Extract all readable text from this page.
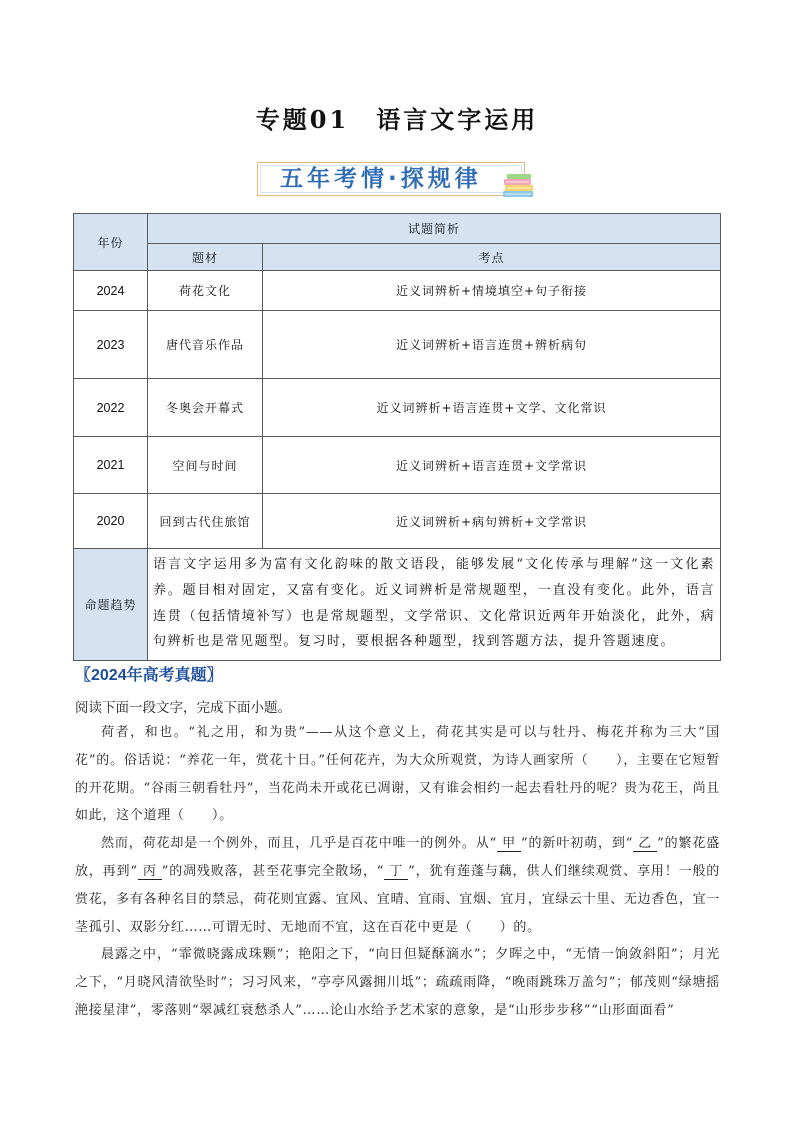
专题01　语言文字运用
五年考情·探规律
年份	试题简析	
	题材	考点
2024	荷花文化	近义词辨析+情境填空+句子衔接
2023	唐代音乐作品	近义词辨析+语言连贯+辨析病句
2022	冬奥会开幕式	近义词辨析+语言连贯+文学、文化常识
2021	空间与时间	近义词辨析+语言连贯+文学常识
2020	回到古代住旅馆	近义词辨析+病句辨析+文学常识
命题趋势	语言文字运用多为富有文化韵味的散文语段，能够发展“文化传承与理解”这一文化素养。题目相对固定，又富有变化。近义词辨析是常规题型，一直没有变化。此外，语言连贯（包括情境补写）也是常规题型，文学常识、文化常识近两年开始淡化，此外，病句辨析也是常见题型。复习时，要根据各种题型，找到答题方法，提升答题速度。	
〖2024年高考真题〗
阅读下面一段文字，完成下面小题。

荷者，和也。“礼之用，和为贵”——从这个意义上，荷花其实是可以与牡丹、梅花并称为三大“国花”的。俗话说：“养花一年，赏花十日。”任何花卉，为大众所观赏，为诗人画家所（　　），主要在它短暂的开花期。“谷雨三朝看牡丹”，当花尚未开或花已凋谢，又有谁会相约一起去看牡丹的呢？贵为花王，尚且如此，这个道理（　　）。

然而，荷花却是一个例外，而且，几乎是百花中唯一的例外。从“ 甲 ”的新叶初萌，到“ 乙 ”的繁花盛放，再到“ 丙 ”的凋残败落，甚至花事完全散场，“ 丁 ”，犹有莲蓬与藕，供人们继续观赏、享用！一般的赏花，多有各种名目的禁忌，荷花则宜露、宜风、宜晴、宜雨、宜烟、宜月，宜绿云十里、无边香色，宜一茎孤引、双影分红……可谓无时、无地而不宜，这在百花中更是（　　）的。

晨露之中，“霏微晓露成珠颗”；艳阳之下，“向日但疑酥滴水”；夕晖之中，“无情一饷敛斜阳”；月光之下，“月晓风清欲坠时”；习习风来，“亭亭风露拥川坻”；疏疏雨降，“晚雨跳珠万盖匀”；郁茂则“绿塘摇滟接星津”，零落则“翠减红衰愁杀人”……论山水给予艺术家的意象，是“山形步步移”“山形面面看”
